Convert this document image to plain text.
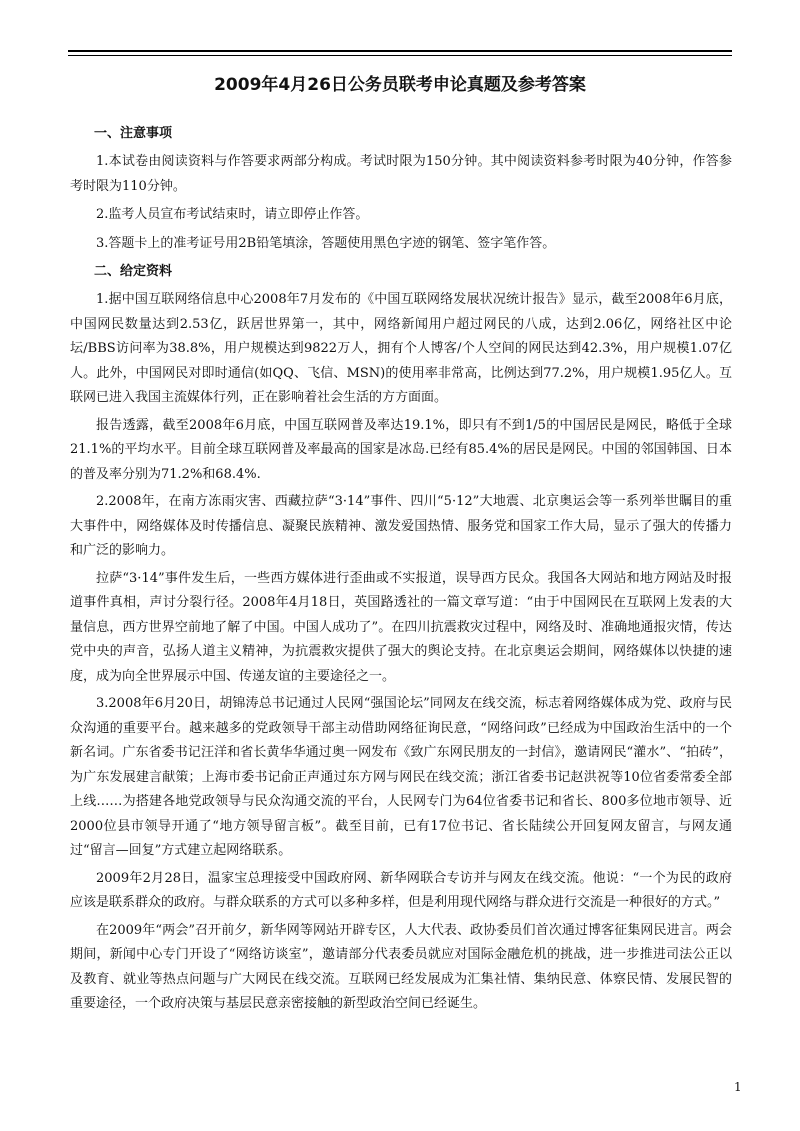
2009年4月26日公务员联考申论真题及参考答案
一、注意事项

1.本试卷由阅读资料与作答要求两部分构成。考试时限为150分钟。其中阅读资料参考时限为40分钟，作答参考时限为110分钟。

2.监考人员宣布考试结束时，请立即停止作答。

3.答题卡上的准考证号用2B铅笔填涂，答题使用黑色字迹的钢笔、签字笔作答。

二、给定资料

1.据中国互联网络信息中心2008年7月发布的《中国互联网络发展状况统计报告》显示，截至2008年6月底，中国网民数量达到2.53亿，跃居世界第一，其中，网络新闻用户超过网民的八成，达到2.06亿，网络社区中论坛/BBS访问率为38.8%，用户规模达到9822万人，拥有个人博客/个人空间的网民达到42.3%，用户规模1.07亿人。此外，中国网民对即时通信(如QQ、飞信、MSN)的使用率非常高，比例达到77.2%，用户规模1.95亿人。互联网已进入我国主流媒体行列，正在影响着社会生活的方方面面。

报告透露，截至2008年6月底，中国互联网普及率达19.1%，即只有不到1/5的中国居民是网民，略低于全球21.1%的平均水平。目前全球互联网普及率最高的国家是冰岛.已经有85.4%的居民是网民。中国的邻国韩国、日本的普及率分别为71.2%和68.4%.

2.2008年，在南方冻雨灾害、西藏拉萨“3·14”事件、四川“5·12”大地震、北京奥运会等一系列举世瞩目的重大事件中，网络媒体及时传播信息、凝聚民族精神、激发爱国热情、服务党和国家工作大局，显示了强大的传播力和广泛的影响力。

拉萨“3·14”事件发生后，一些西方媒体进行歪曲或不实报道，误导西方民众。我国各大网站和地方网站及时报道事件真相，声讨分裂行径。2008年4月18日，英国路透社的一篇文章写道：“由于中国网民在互联网上发表的大量信息，西方世界空前地了解了中国。中国人成功了”。在四川抗震救灾过程中，网络及时、准确地通报灾情，传达党中央的声音，弘扬人道主义精神，为抗震救灾提供了强大的舆论支持。在北京奥运会期间，网络媒体以快捷的速度，成为向全世界展示中国、传递友谊的主要途径之一。

3.2008年6月20日，胡锦涛总书记通过人民网“强国论坛”同网友在线交流，标志着网络媒体成为党、政府与民众沟通的重要平台。越来越多的党政领导干部主动借助网络征询民意，“网络问政”已经成为中国政治生活中的一个新名词。广东省委书记汪洋和省长黄华华通过奥一网发布《致广东网民朋友的一封信》，邀请网民“灌水”、“拍砖”，为广东发展建言献策；上海市委书记俞正声通过东方网与网民在线交流；浙江省委书记赵洪祝等10位省委常委全部上线……为搭建各地党政领导与民众沟通交流的平台，人民网专门为64位省委书记和省长、800多位地市领导、近2000位县市领导开通了“地方领导留言板”。截至目前，已有17位书记、省长陆续公开回复网友留言，与网友通过“留言—回复”方式建立起网络联系。

2009年2月28日，温家宝总理接受中国政府网、新华网联合专访并与网友在线交流。他说：“一个为民的政府应该是联系群众的政府。与群众联系的方式可以多种多样，但是利用现代网络与群众进行交流是一种很好的方式。”

在2009年“两会”召开前夕，新华网等网站开辟专区，人大代表、政协委员们首次通过博客征集网民进言。两会期间，新闻中心专门开设了“网络访谈室”，邀请部分代表委员就应对国际金融危机的挑战，进一步推进司法公正以及教育、就业等热点问题与广大网民在线交流。互联网已经发展成为汇集社情、集纳民意、体察民情、发展民智的重要途径，一个政府决策与基层民意亲密接触的新型政治空间已经诞生。

1
